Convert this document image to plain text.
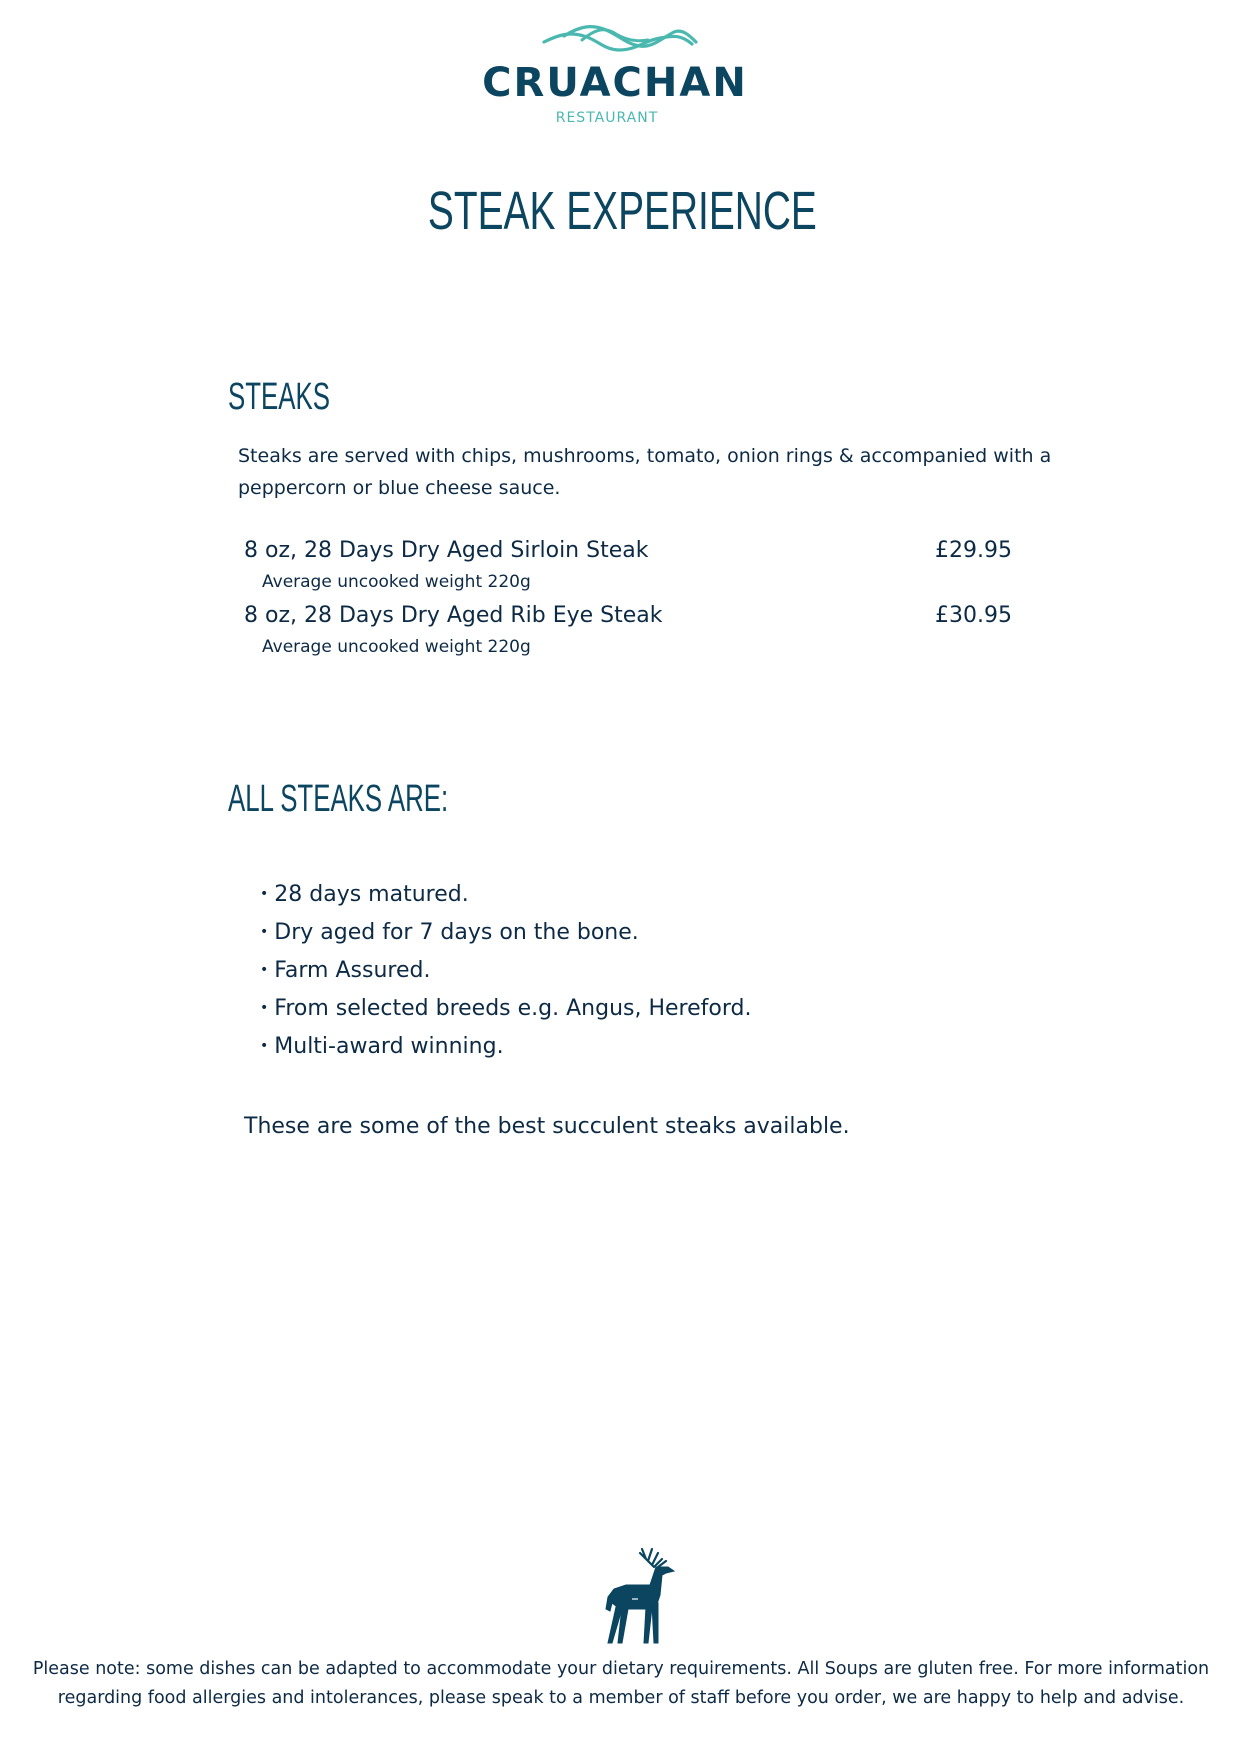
CRUACHAN
RESTAURANT
STEAK EXPERIENCE
STEAKS
Steaks are served with chips, mushrooms, tomato, onion rings & accompanied with a peppercorn or blue cheese sauce.
8 oz, 28 Days Dry Aged Sirloin Steak	£29.95
Average uncooked weight 220g
8 oz, 28 Days Dry Aged Rib Eye Steak	£30.95
Average uncooked weight 220g
ALL STEAKS ARE:
• 28 days matured.
• Dry aged for 7 days on the bone.
• Farm Assured.
• From selected breeds e.g. Angus, Hereford.
• Multi-award winning.
These are some of the best succulent steaks available.
Please note: some dishes can be adapted to accommodate your dietary requirements. All Soups are gluten free. For more information regarding food allergies and intolerances, please speak to a member of staff before you order, we are happy to help and advise.
